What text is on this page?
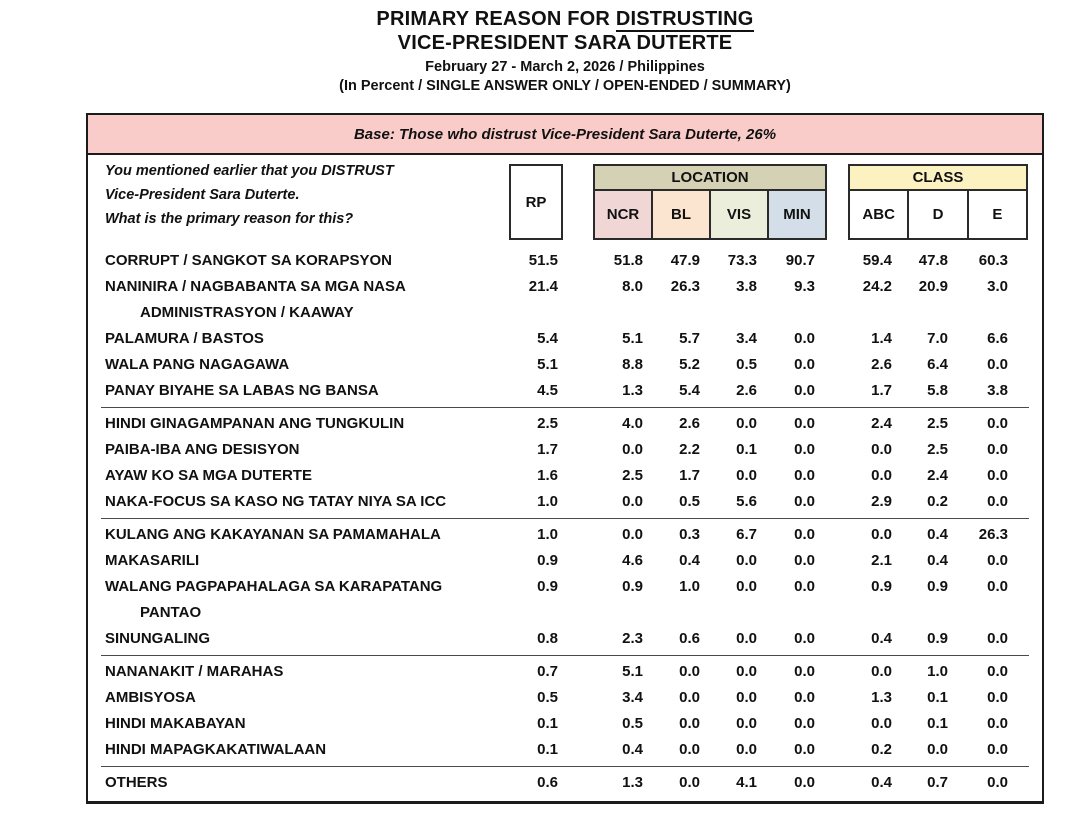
PRIMARY REASON FOR DISTRUSTING
VICE-PRESIDENT SARA DUTERTE
February 27 - March 2, 2026 / Philippines
(In Percent / SINGLE ANSWER ONLY / OPEN-ENDED / SUMMARY)
Base: Those who distrust Vice-President Sara Duterte, 26%
You mentioned earlier that you DISTRUST
Vice-President Sara Duterte.
What is the primary reason for this?
RP
LOCATION
NCR	BL	VIS	MIN
CLASS
ABC	D	E
CORRUPT / SANGKOT SA KORAPSYON	51.5	51.8	47.9	73.3	90.7	59.4	47.8	60.3
NANINIRA / NAGBABANTA SA MGA NASA	21.4	8.0	26.3	3.8	9.3	24.2	20.9	3.0
ADMINISTRASYON / KAAWAY
PALAMURA / BASTOS	5.4	5.1	5.7	3.4	0.0	1.4	7.0	6.6
WALA PANG NAGAGAWA	5.1	8.8	5.2	0.5	0.0	2.6	6.4	0.0
PANAY BIYAHE SA LABAS NG BANSA	4.5	1.3	5.4	2.6	0.0	1.7	5.8	3.8
HINDI GINAGAMPANAN ANG TUNGKULIN	2.5	4.0	2.6	0.0	0.0	2.4	2.5	0.0
PAIBA-IBA ANG DESISYON	1.7	0.0	2.2	0.1	0.0	0.0	2.5	0.0
AYAW KO SA MGA DUTERTE	1.6	2.5	1.7	0.0	0.0	0.0	2.4	0.0
NAKA-FOCUS SA KASO NG TATAY NIYA SA ICC	1.0	0.0	0.5	5.6	0.0	2.9	0.2	0.0
KULANG ANG KAKAYANAN SA PAMAMAHALA	1.0	0.0	0.3	6.7	0.0	0.0	0.4	26.3
MAKASARILI	0.9	4.6	0.4	0.0	0.0	2.1	0.4	0.0
WALANG PAGPAPAHALAGA SA KARAPATANG	0.9	0.9	1.0	0.0	0.0	0.9	0.9	0.0
PANTAO
SINUNGALING	0.8	2.3	0.6	0.0	0.0	0.4	0.9	0.0
NANANAKIT / MARAHAS	0.7	5.1	0.0	0.0	0.0	0.0	1.0	0.0
AMBISYOSA	0.5	3.4	0.0	0.0	0.0	1.3	0.1	0.0
HINDI MAKABAYAN	0.1	0.5	0.0	0.0	0.0	0.0	0.1	0.0
HINDI MAPAGKAKATIWALAAN	0.1	0.4	0.0	0.0	0.0	0.2	0.0	0.0
OTHERS	0.6	1.3	0.0	4.1	0.0	0.4	0.7	0.0
